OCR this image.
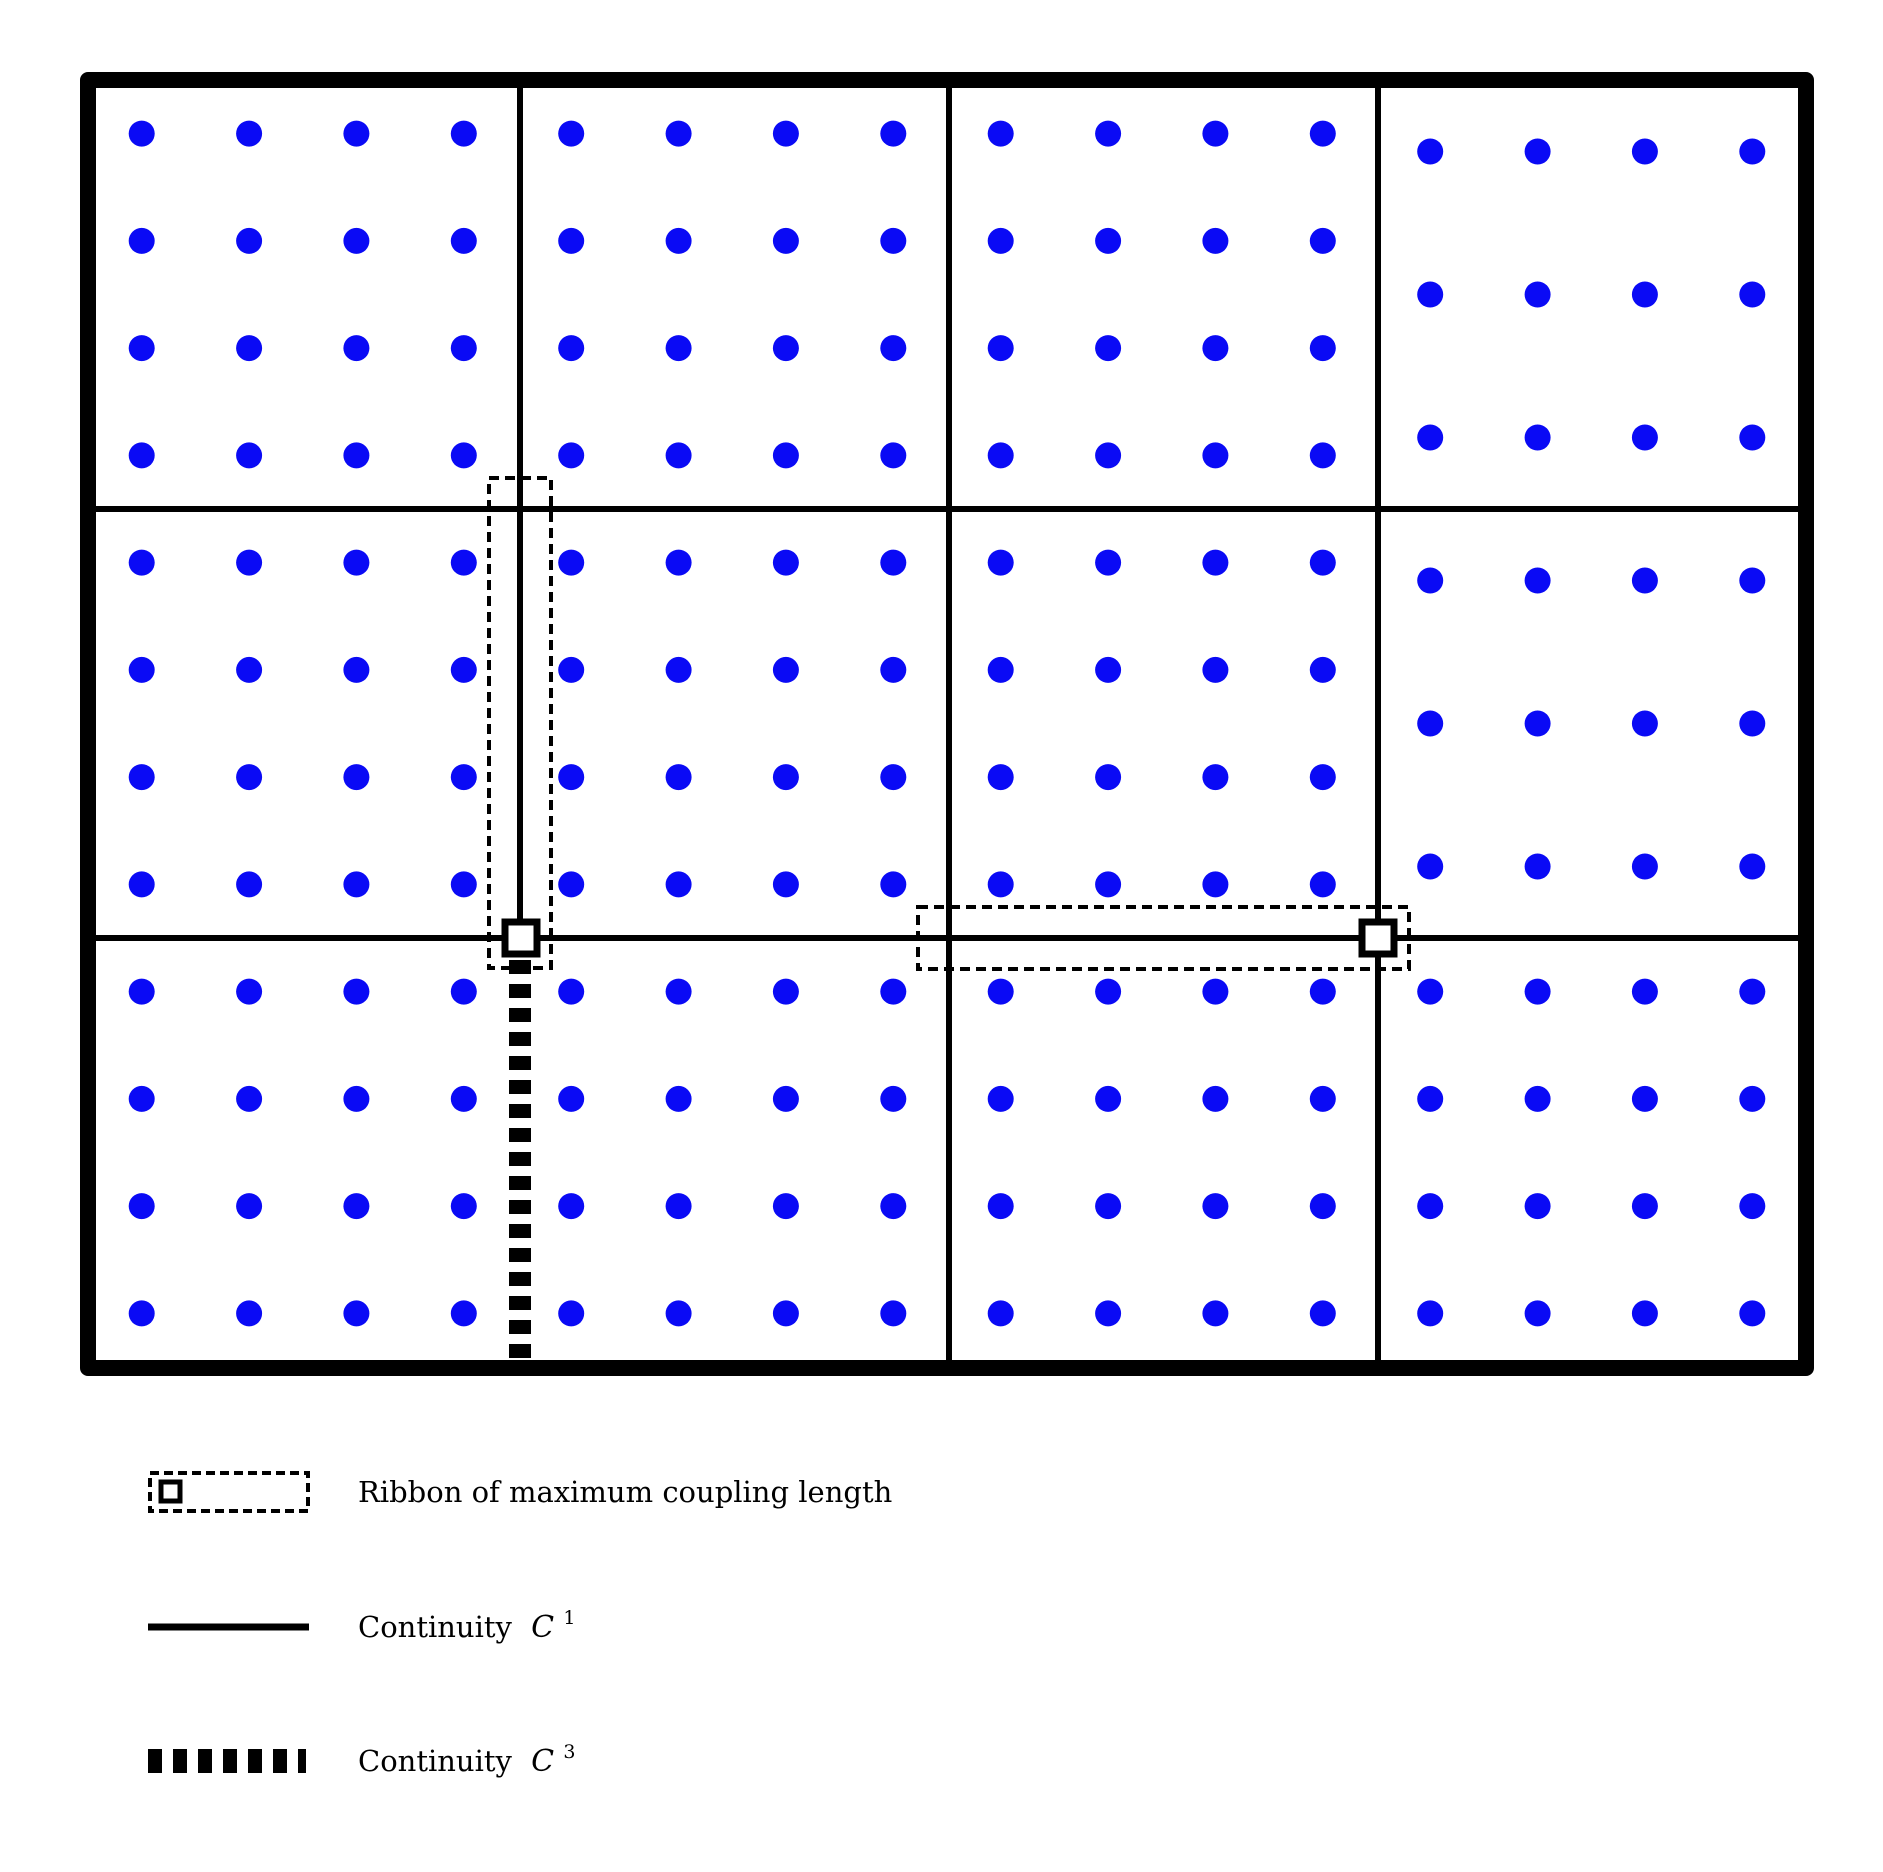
Ribbon of maximum coupling length
Continuity C $^1$
Continuity C $^3$
